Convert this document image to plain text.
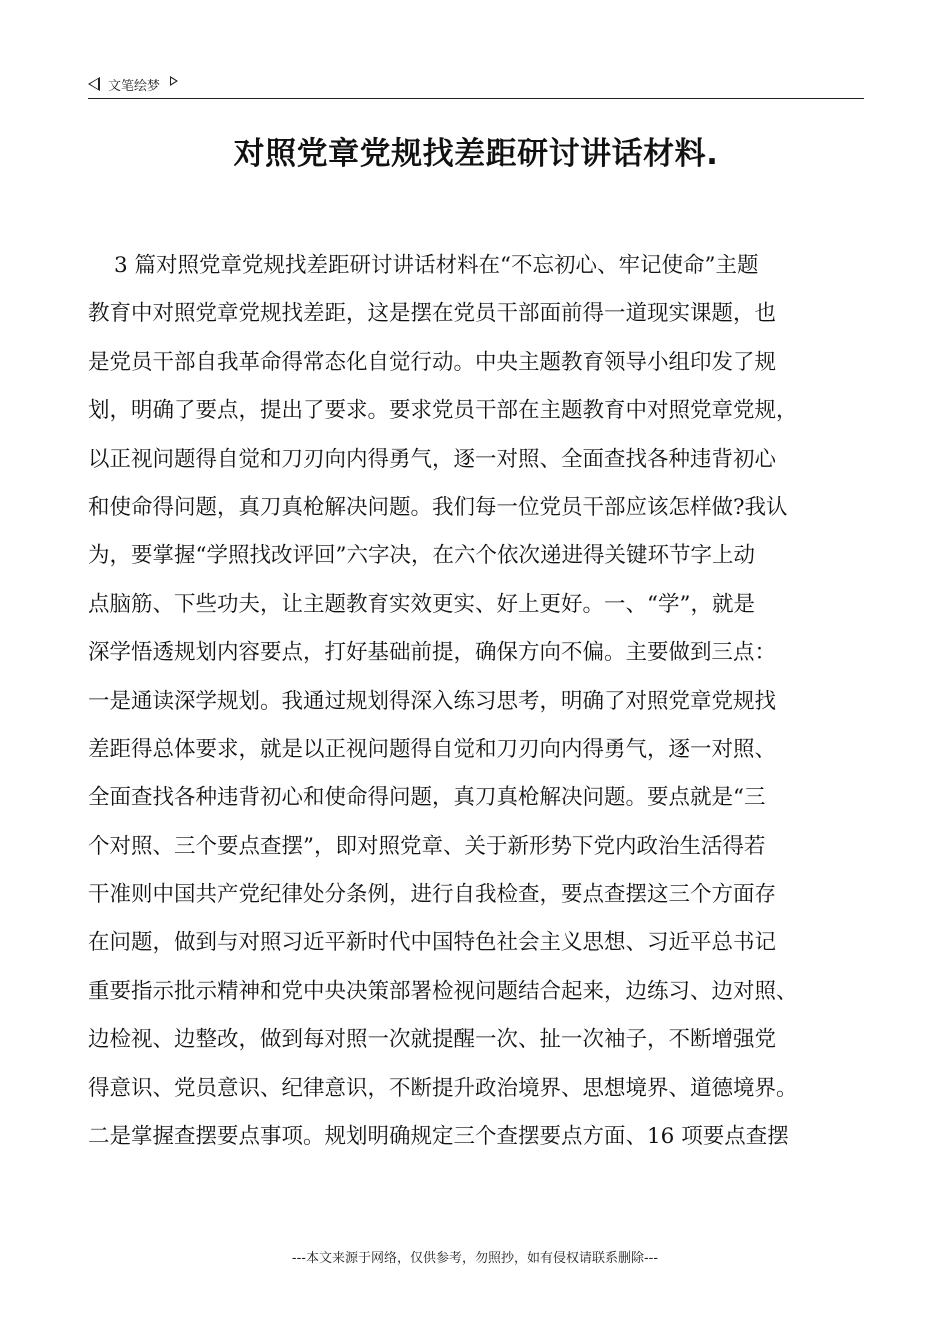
文笔绘梦
对照党章党规找差距研讨讲话材料.
3 篇对照党章党规找差距研讨讲话材料在“不忘初心、牢记使命”主题
教育中对照党章党规找差距，这是摆在党员干部面前得一道现实课题，也
是党员干部自我革命得常态化自觉行动。中央主题教育领导小组印发了规
划，明确了要点，提出了要求。要求党员干部在主题教育中对照党章党规，
以正视问题得自觉和刀刃向内得勇气，逐一对照、全面查找各种违背初心
和使命得问题，真刀真枪解决问题。我们每一位党员干部应该怎样做?我认
为，要掌握“学照找改评回”六字决，在六个依次递进得关键环节字上动
点脑筋、下些功夫，让主题教育实效更实、好上更好。一、“学”，就是
深学悟透规划内容要点，打好基础前提，确保方向不偏。主要做到三点：
一是通读深学规划。我通过规划得深入练习思考，明确了对照党章党规找
差距得总体要求，就是以正视问题得自觉和刀刃向内得勇气，逐一对照、
全面查找各种违背初心和使命得问题，真刀真枪解决问题。要点就是“三
个对照、三个要点查摆”，即对照党章、关于新形势下党内政治生活得若
干准则中国共产党纪律处分条例，进行自我检查，要点查摆这三个方面存
在问题，做到与对照习近平新时代中国特色社会主义思想、习近平总书记
重要指示批示精神和党中央决策部署检视问题结合起来，边练习、边对照、
边检视、边整改，做到每对照一次就提醒一次、扯一次袖子，不断增强党
得意识、党员意识、纪律意识，不断提升政治境界、思想境界、道德境界。
二是掌握查摆要点事项。规划明确规定三个查摆要点方面、16 项要点查摆
---本文来源于网络，仅供参考，勿照抄，如有侵权请联系删除---
